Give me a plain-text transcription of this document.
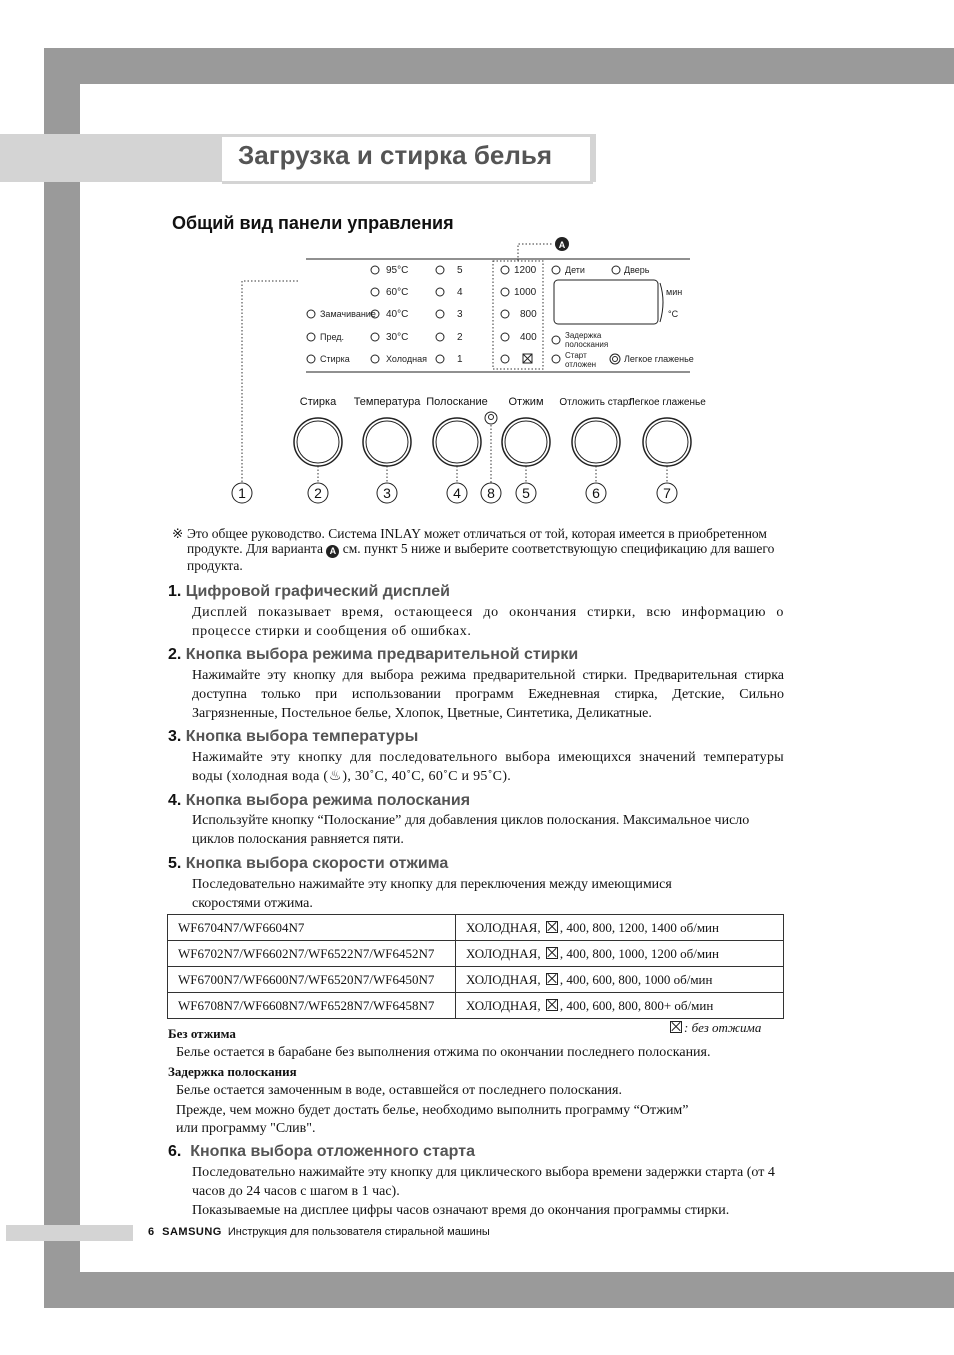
Загрузка и стирка белья
Общий вид панели управления
A
Замачивание
Пред.
Стирка
95°C
60°C
40°C
30°C
Холодная
5
4
3
2
1
1200
1000
800
400
Дети	Дверь
мин
°C
Задержка
полоскания
Старт
отложен
Легкое глаженье
Стирка Температура Полоскание Отжим Отложить старт
Легкое глаженье
1	2	3	4 8 5	6	7
※ Это общее руководство. Система INLAY может отличаться от той, которая имеется в приобретенном продукте. Для варианта A см. пункт 5 ниже и выберите соответствующую спецификацию для вашего продукта.
1. Цифровой графический дисплей
Дисплей показывает время, остающееся до окончания стирки, всю информацию о процессе стирки и сообщения об ошибках.
2. Кнопка выбора режима предварительной стирки
Нажимайте эту кнопку для выбора режима предварительной стирки. Предварительная стирка доступна только при использовании программ Ежедневная стирка, Детские, Сильно Загрязненные, Постельное белье, Хлопок, Цветные, Синтетика, Деликатные.
3. Кнопка выбора температуры
Нажимайте эту кнопку для последовательного выбора имеющихся значений температуры воды (холодная вода (♨), 30˚C, 40˚C, 60˚C и 95˚C).
4. Кнопка выбора режима полоскания
Используйте кнопку “Полоскание” для добавления циклов полоскания. Максимальное число циклов полоскания равняется пяти.
5. Кнопка выбора скорости отжима
Последовательно нажимайте эту кнопку для переключения между имеющимися скоростями отжима.
WF6704N7/WF6604N7	ХОЛОДНАЯ, , 400, 800, 1200, 1400 об/мин
WF6702N7/WF6602N7/WF6522N7/WF6452N7	ХОЛОДНАЯ, , 400, 800, 1000, 1200 об/мин
WF6700N7/WF6600N7/WF6520N7/WF6450N7	ХОЛОДНАЯ, , 400, 600, 800, 1000 об/мин
WF6708N7/WF6608N7/WF6528N7/WF6458N7	ХОЛОДНАЯ, , 400, 600, 800, 800+ об/мин
: без отжима
Без отжима
Белье остается в барабане без выполнения отжима по окончании последнего полоскания.
Задержка полоскания
Белье остается замоченным в воде, оставшейся от последнего полоскания.
Прежде, чем можно будет достать белье, необходимо выполнить программу “Отжим”
или программу "Слив".
6. Кнопка выбора отложенного старта
Последовательно нажимайте эту кнопку для циклического выбора времени задержки старта (от 4 часов до 24 часов с шагом в 1 час).
Показываемые на дисплее цифры часов означают время до окончания программы стирки.
6 SAMSUNG Инструкция для пользователя стиральной машины
